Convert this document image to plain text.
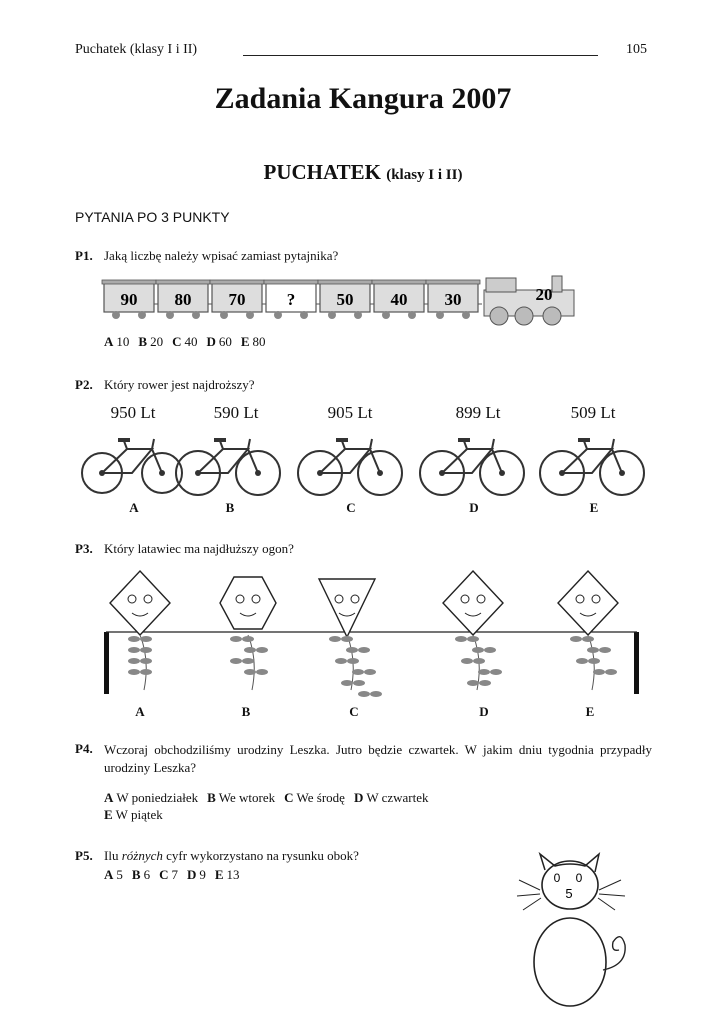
Puchatek (klasy I i II)	105
Zadania Kangura 2007
PUCHATEK (klasy I i II)
PYTANIA PO 3 PUNKTY
P1. Jaką liczbę należy wpisać zamiast pytajnika?
90 80 70 ? 50 40 30	20
A 10 B 20 C 40 D 60 E 80
P2. Który rower jest najdroższy?
950 Lt	590 Lt	905 Lt	899 Lt	509 Lt
A	B	C	D	E
P3. Który latawiec ma najdłuższy ogon?
A	B	C	D	E
P4. Wczoraj obchodziliśmy urodziny Leszka. Jutro będzie czwartek. W jakim dniu tygodnia przypadły urodziny Leszka?
A W poniedziałek B We wtorek C We środę D W czwartek
E W piątek
P5. Ilu różnych cyfr wykorzystano na rysunku obok?
A 5 B 6 C 7 D 9 E 13	0 0
5
